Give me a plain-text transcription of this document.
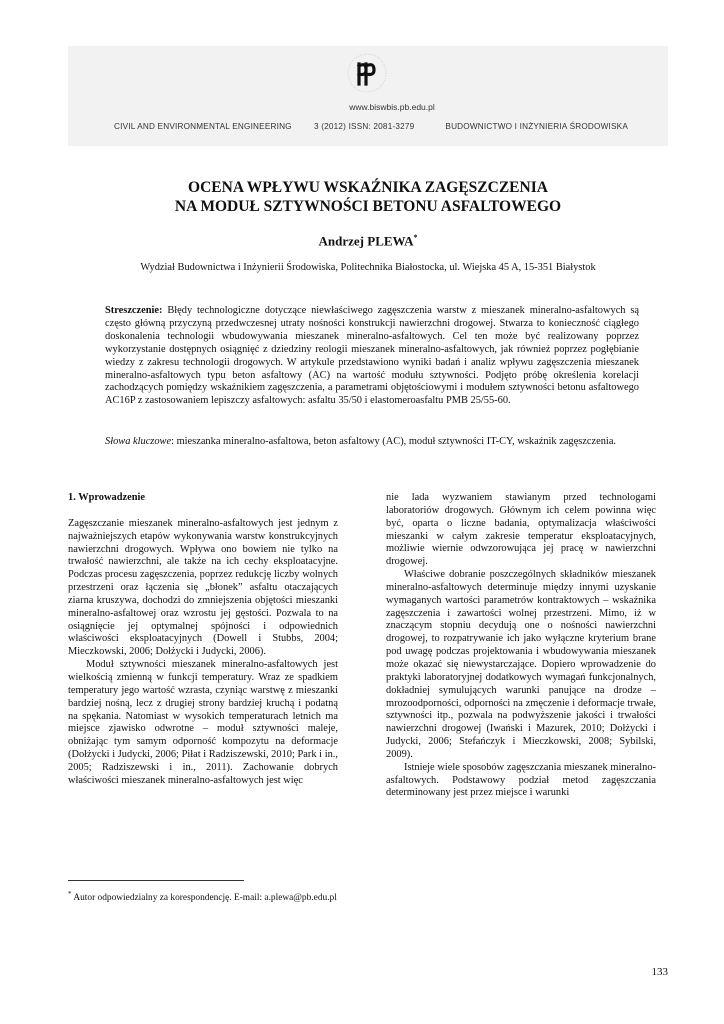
www.biswbis.pb.edu.pl
CIVIL AND ENVIRONMENTAL ENGINEERING	3 (2012) ISSN: 2081-3279	BUDOWNICTWO I INŻYNIERIA ŚRODOWISKA
OCENA WPŁYWU WSKAŹNIKA ZAGĘSZCZENIA
NA MODUŁ SZTYWNOŚCI BETONU ASFALTOWEGO
Andrzej PLEWA*
Wydział Budownictwa i Inżynierii Środowiska, Politechnika Białostocka, ul. Wiejska 45 A, 15-351 Białystok
Streszczenie: Błędy technologiczne dotyczące niewłaściwego zagęszczenia warstw z mieszanek mineralno-asfaltowych są często główną przyczyną przedwczesnej utraty nośności konstrukcji nawierzchni drogowej. Stwarza to konieczność ciągłego doskonalenia technologii wbudowywania mieszanek mineralno-asfaltowych. Cel ten może być realizowany poprzez wykorzystanie dostępnych osiągnięć z dziedziny reologii mieszanek mineralno-asfaltowych, jak również poprzez pogłębianie wiedzy z zakresu technologii drogowych. W artykule przedstawiono wyniki badań i analiz wpływu zagęszczenia mieszanek mineralno-asfaltowych typu beton asfaltowy (AC) na wartość modułu sztywności. Podjęto próbę określenia korelacji zachodzących pomiędzy wskaźnikiem zagęszczenia, a parametrami objętościowymi i modułem sztywności betonu asfaltowego AC16P z zastosowaniem lepiszczy asfaltowych: asfaltu 35/50 i elastomeroasfaltu PMB 25/55-60.
Słowa kluczowe: mieszanka mineralno-asfaltowa, beton asfaltowy (AC), moduł sztywności IT-CY, wskaźnik zagęszczenia.
1. Wprowadzenie

Zagęszczanie mieszanek mineralno-asfaltowych jest jednym z najważniejszych etapów wykonywania warstw konstrukcyjnych nawierzchni drogowych. Wpływa ono bowiem nie tylko na trwałość nawierzchni, ale także na ich cechy eksploatacyjne. Podczas procesu zagęszczenia, poprzez redukcję liczby wolnych przestrzeni oraz łączenia się „błonek” asfaltu otaczających ziarna kruszywa, dochodzi do zmniejszenia objętości mieszanki mineralno-asfaltowej oraz wzrostu jej gęstości. Pozwala to na osiągnięcie jej optymalnej spójności i odpowiednich właściwości eksploatacyjnych (Dowell i Stubbs, 2004; Mieczkowski, 2006; Dołżycki i Judycki, 2006).

Moduł sztywności mieszanek mineralno-asfaltowych jest wielkością zmienną w funkcji temperatury. Wraz ze spadkiem temperatury jego wartość wzrasta, czyniąc warstwę z mieszanki bardziej nośną, lecz z drugiej strony bardziej kruchą i podatną na spękania. Natomiast w wysokich temperaturach letnich ma miejsce zjawisko odwrotne – moduł sztywności maleje, obniżając tym samym odporność kompozytu na deformacje (Dołżycki i Judycki, 2006; Piłat i Radziszewski, 2010; Park i in., 2005; Radziszewski i in., 2011). Zachowanie dobrych właściwości mieszanek mineralno-asfaltowych jest więc

nie lada wyzwaniem stawianym przed technologami laboratoriów drogowych. Głównym ich celem powinna więc być, oparta o liczne badania, optymalizacja właściwości mieszanki w całym zakresie temperatur eksploatacyjnych, możliwie wiernie odwzorowująca jej pracę w nawierzchni drogowej.

Właściwe dobranie poszczególnych składników mieszanek mineralno-asfaltowych determinuje między innymi uzyskanie wymaganych wartości parametrów kontraktowych – wskaźnika zagęszczenia i zawartości wolnej przestrzeni. Mimo, iż w znaczącym stopniu decydują one o nośności nawierzchni drogowej, to rozpatrywanie ich jako wyłączne kryterium brane pod uwagę podczas projektowania i wbudowywania mieszanek może okazać się niewystarczające. Dopiero wprowadzenie do praktyki laboratoryjnej dodatkowych wymagań funkcjonalnych, dokładniej symulujących warunki panujące na drodze – mrozoodporności, odporności na zmęczenie i deformacje trwałe, sztywności itp., pozwala na podwyższenie jakości i trwałości nawierzchni drogowej (Iwański i Mazurek, 2010; Dołżycki i Judycki, 2006; Stefańczyk i Mieczkowski, 2008; Sybilski, 2009).

Istnieje wiele sposobów zagęszczania mieszanek mineralno-asfaltowych. Podstawowy podział metod zagęszczania determinowany jest przez miejsce i warunki

* Autor odpowiedzialny za korespondencję. E-mail: a.plewa@pb.edu.pl
133
